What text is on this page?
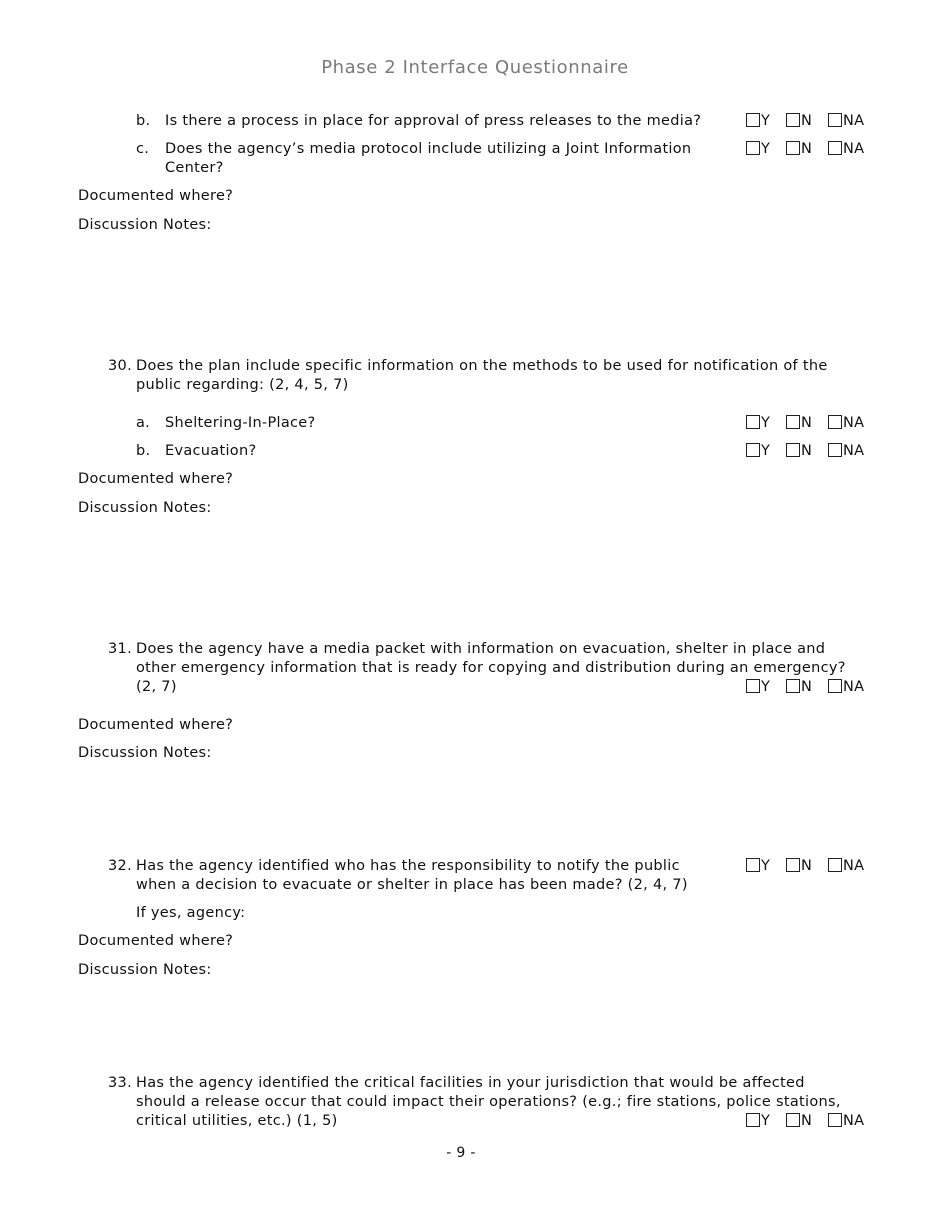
Phase 2 Interface Questionnaire
b.	Is there a process in place for approval of press releases to the media?	Y	N	NA
c.	Does the agency’s media protocol include utilizing a Joint Information
Center?
Y	N	NA
Documented where?
Discussion Notes:
30. Does the plan include specific information on the methods to be used for notification of the
public regarding: (2, 4, 5, 7)
a.	Sheltering-In-Place?	Y	N	NA
b.	Evacuation?	Y	N	NA
Documented where?
Discussion Notes:
31. Does the agency have a media packet with information on evacuation, shelter in place and
other emergency information that is ready for copying and distribution during an emergency?
(2, 7)	Y	N	NA
Documented where?
Discussion Notes:
32. Has the agency identified who has the responsibility to notify the public
when a decision to evacuate or shelter in place has been made? (2, 4, 7)
Y	N	NA
If yes, agency:
Documented where?
Discussion Notes:
33. Has the agency identified the critical facilities in your jurisdiction that would be affected
should a release occur that could impact their operations? (e.g.; fire stations, police stations,
critical utilities, etc.) (1, 5)	Y	N	NA
- 9 -
